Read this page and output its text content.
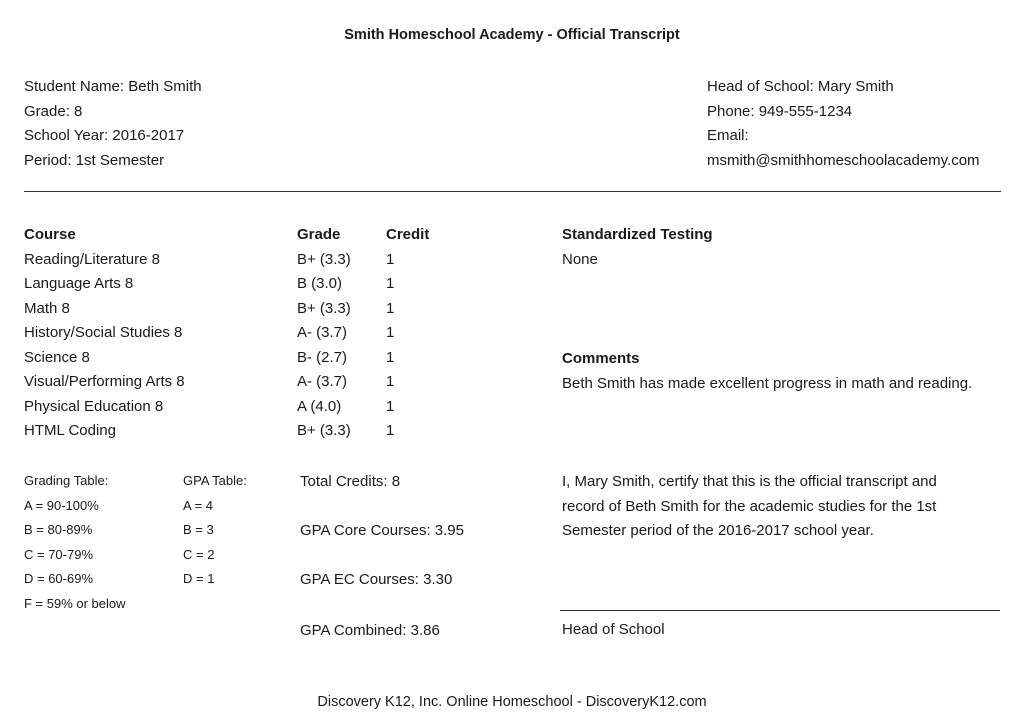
Smith Homeschool Academy - Official Transcript
Student Name: Beth Smith
Grade: 8
School Year: 2016-2017
Period: 1st Semester
Head of School: Mary Smith
Phone: 949-555-1234
Email:
msmith@smithhomeschoolacademy.com
Course	Grade	Credit
Reading/Literature 8	B+ (3.3) 1
Language Arts 8	B (3.0)	1
Math 8	B+ (3.3) 1
History/Social Studies 8	A- (3.7)	1
Science 8	B- (2.7)	1
Visual/Performing Arts 8	A- (3.7)	1
Physical Education 8	A (4.0)	1
HTML Coding	B+ (3.3) 1
Standardized Testing
None
Comments
Beth Smith has made excellent progress in math and reading.
Grading Table:
A = 90-100%
B = 80-89%
C = 70-79%
D = 60-69%
F = 59% or below
GPA Table:
A = 4
B = 3
C = 2
D = 1
Total Credits: 8
GPA Core Courses: 3.95
GPA EC Courses: 3.30
GPA Combined: 3.86
I, Mary Smith, certify that this is the official transcript and
record of Beth Smith for the academic studies for the 1st
Semester period of the 2016-2017 school year.
Head of School
Discovery K12, Inc. Online Homeschool - DiscoveryK12.com
